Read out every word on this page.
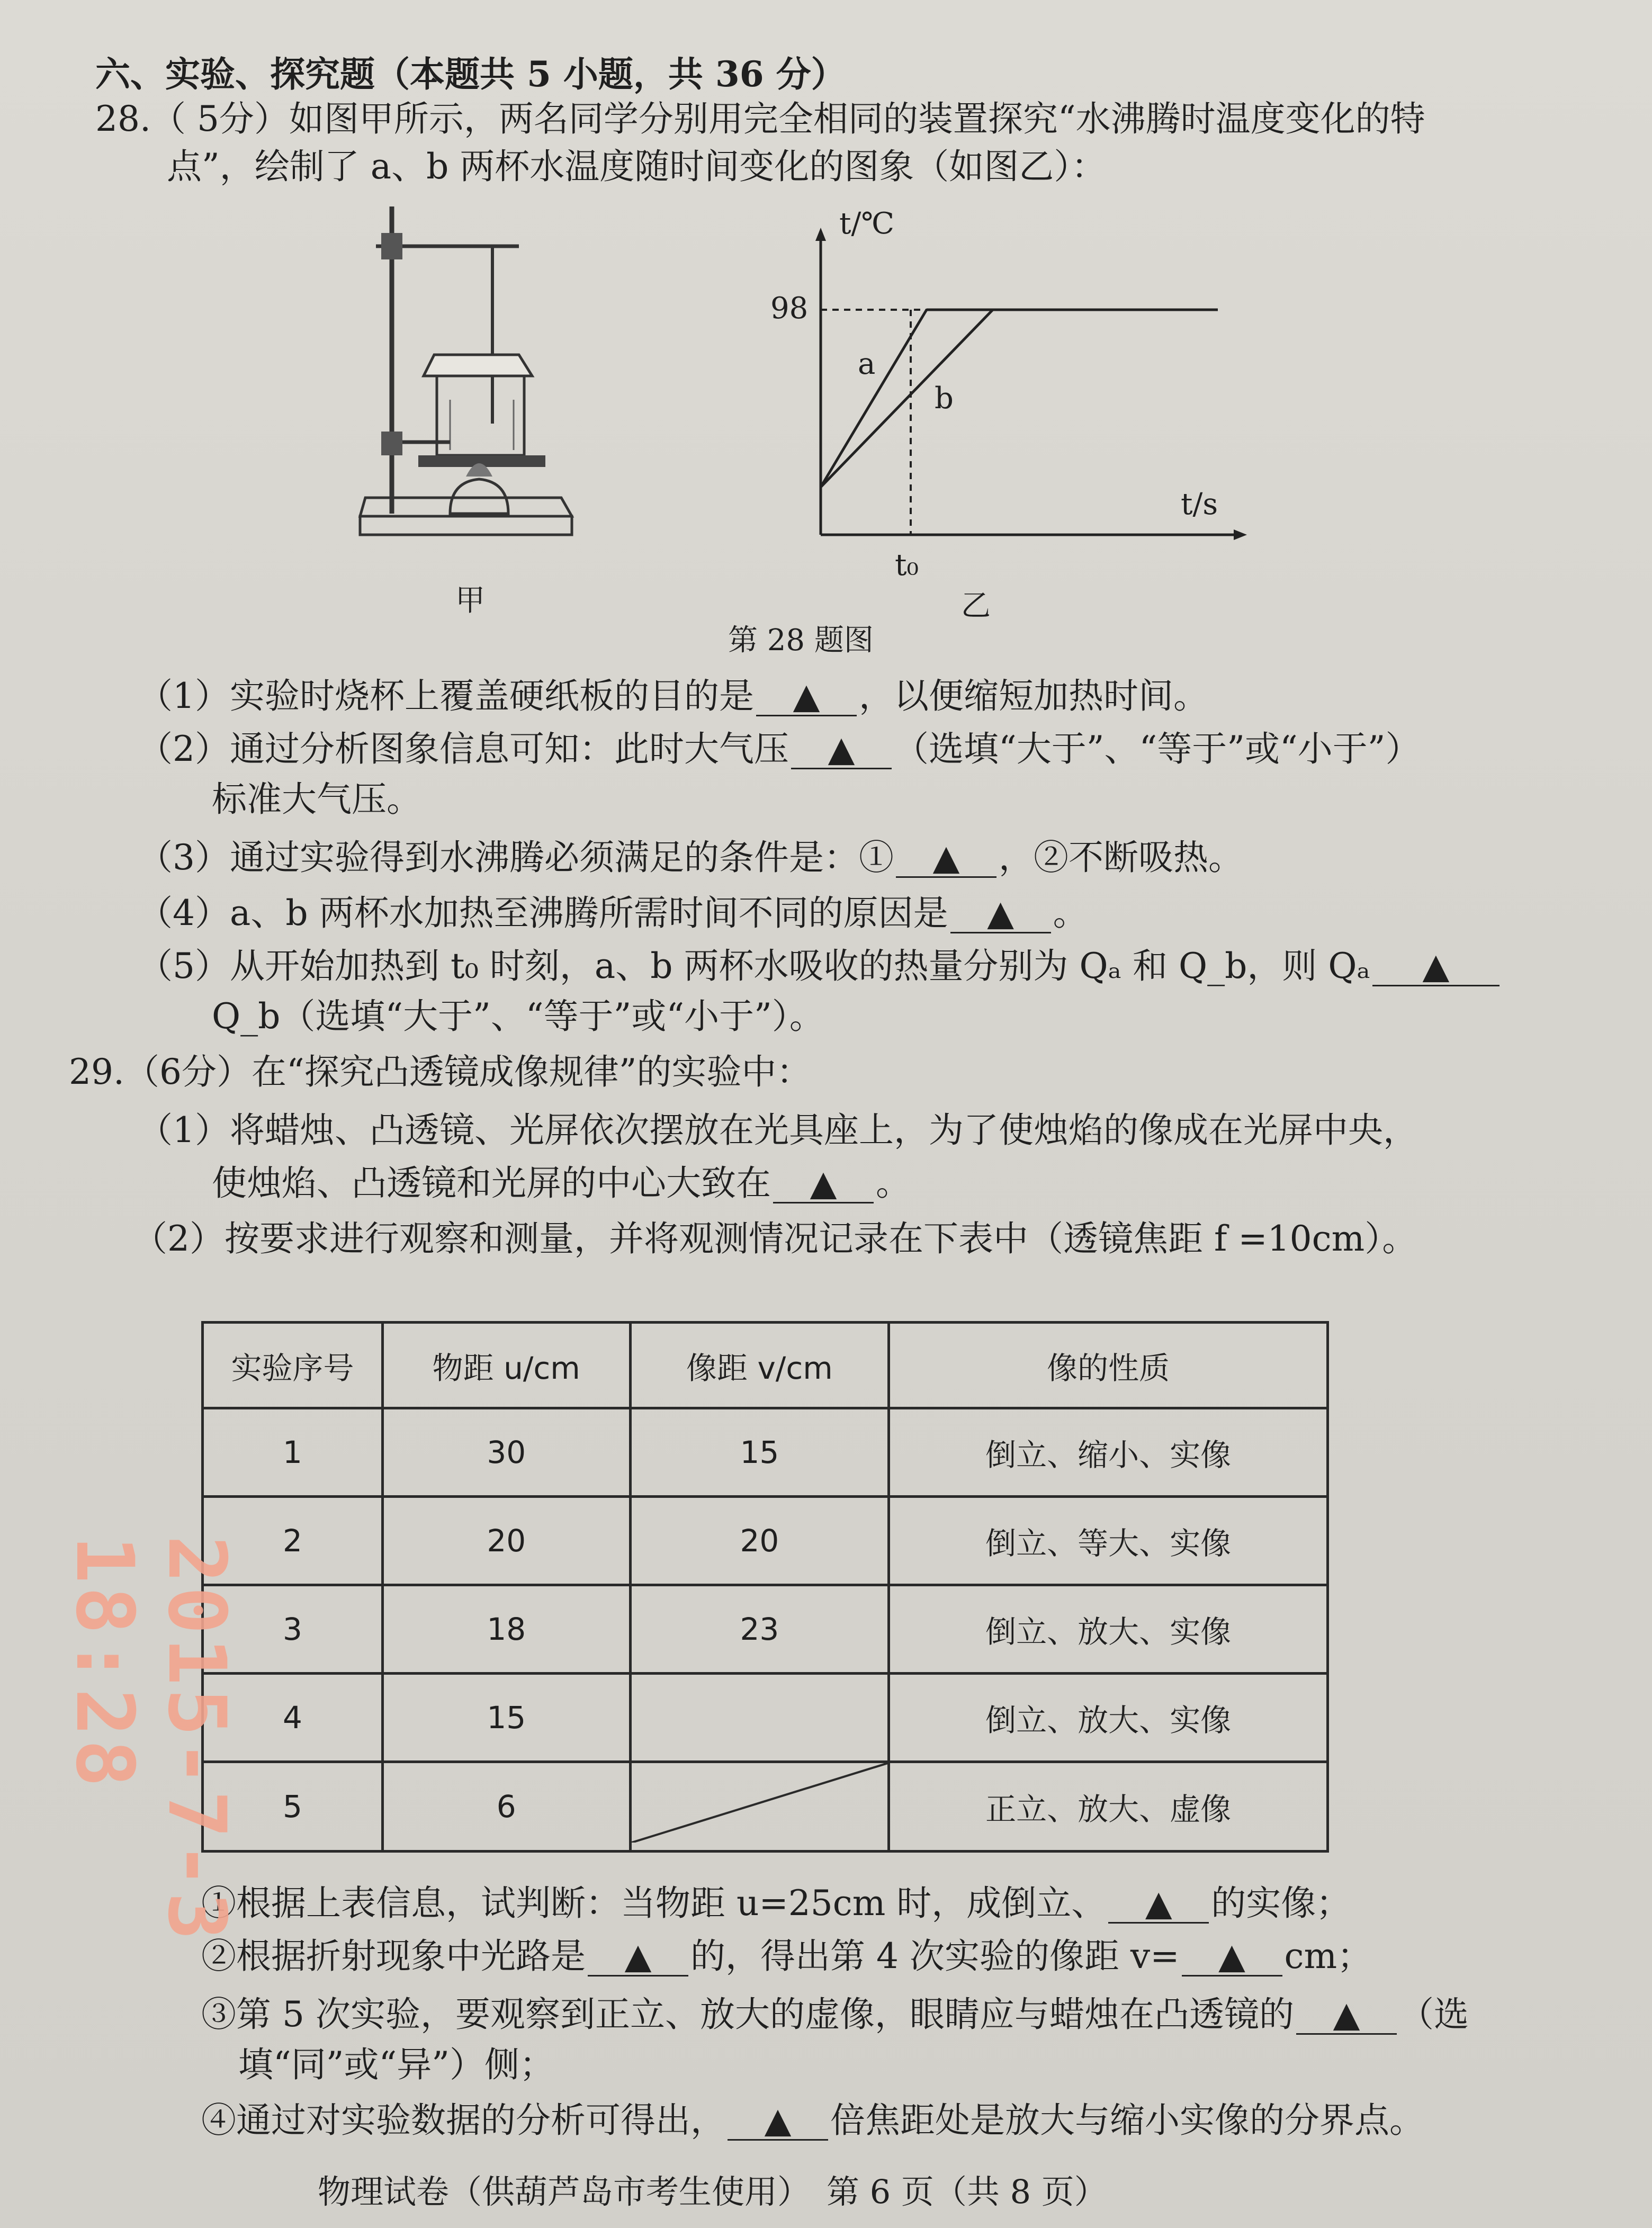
六、实验、探究题（本题共 5 小题，共 36 分）
28.（ 5分）如图甲所示，两名同学分别用完全相同的装置探究“水沸腾时温度变化的特
点”，绘制了 a、b 两杯水温度随时间变化的图象（如图乙）：
甲
t/℃
t/s
98
t₀
a
b
乙
第 28 题图
（1）实验时烧杯上覆盖硬纸板的目的是 ▲ ，以便缩短加热时间。
（2）通过分析图象信息可知：此时大气压 ▲ （选填“大于”、“等于”或“小于”）
标准大气压。
（3）通过实验得到水沸腾必须满足的条件是：① ▲ ，②不断吸热。
（4）a、b 两杯水加热至沸腾所需时间不同的原因是 ▲ 。
（5）从开始加热到 t₀ 时刻，a、b 两杯水吸收的热量分别为 Qₐ 和 Q_b，则 Qₐ ▲
Q_b（选填“大于”、“等于”或“小于”）。
29.（6分）在“探究凸透镜成像规律”的实验中：
（1）将蜡烛、凸透镜、光屏依次摆放在光具座上，为了使烛焰的像成在光屏中央，
使烛焰、凸透镜和光屏的中心大致在 ▲ 。
（2）按要求进行观察和测量，并将观测情况记录在下表中（透镜焦距 f =10cm）。
实验序号	物距 u/cm	像距 v/cm	像的性质
1	30	15	倒立、缩小、实像
2	20	20	倒立、等大、实像
3	18	23	倒立、放大、实像
4	15		倒立、放大、实像
5	6		正立、放大、虚像
①根据上表信息，试判断：当物距 u=25cm 时，成倒立、 ▲ 的实像；
②根据折射现象中光路是 ▲ 的，得出第 4 次实验的像距 v= ▲ cm；
③第 5 次实验，要观察到正立、放大的虚像，眼睛应与蜡烛在凸透镜的 ▲ （选
填“同”或“异”）侧；
④通过对实验数据的分析可得出， ▲ 倍焦距处是放大与缩小实像的分界点。
物理试卷（供葫芦岛市考生使用）　第 6 页（共 8 页）
2015-7-3 18:28
